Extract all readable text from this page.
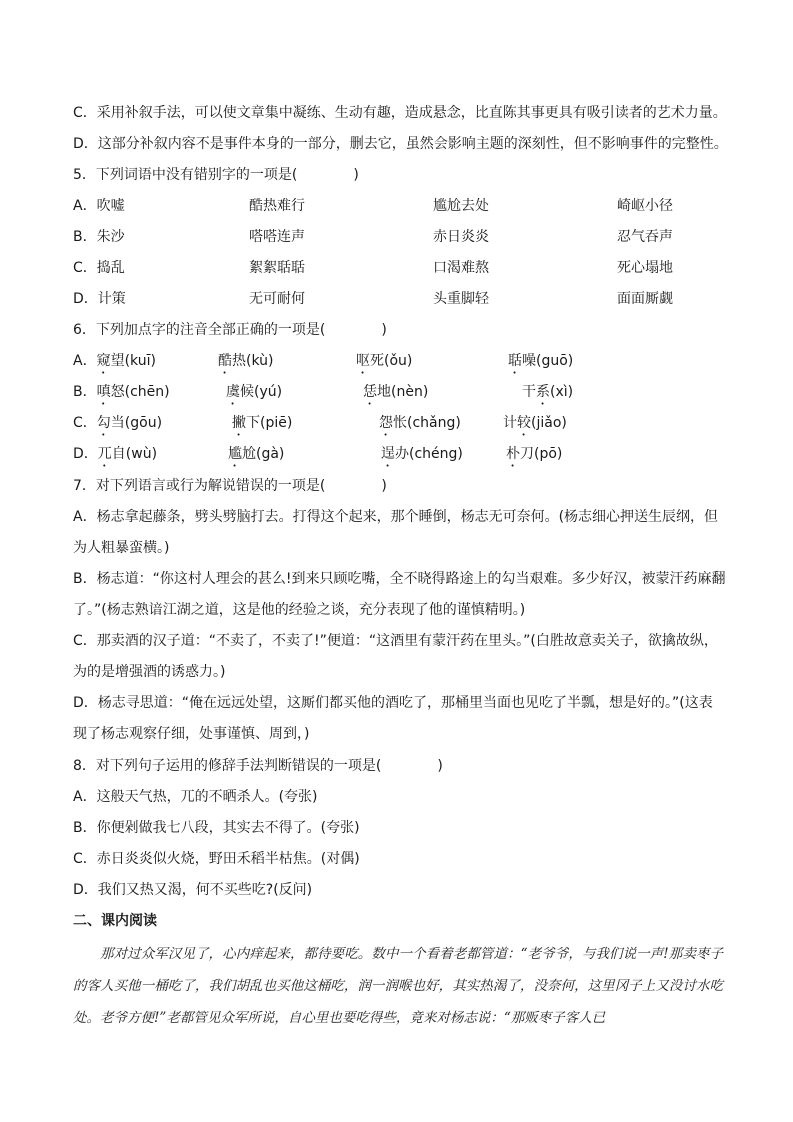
C．采用补叙手法，可以使文章集中凝练、生动有趣，造成悬念，比直陈其事更具有吸引读者的艺术力量。
D．这部分补叙内容不是事件本身的一部分，删去它，虽然会影响主题的深刻性，但不影响事件的完整性。
5．下列词语中没有错别字的一项是(　　　　)
A．吹嘘	酷热难行	尴尬去处	崎岖小径
B．朱沙	嗒嗒连声	赤日炎炎	忍气吞声
C．捣乱	絮絮聒聒	口渴难熬	死心塌地
D．计策	无可耐何	头重脚轻	面面厮觑
6．下列加点字的注音全部正确的一项是(　　　　)
A．窥望(kuī)	酷热(kù)	呕死(ǒu)	聒噪(guō)
B．嗔怒(chēn)	虞候(yú)	恁地(nèn)	干系(xì)
C．勾当(gōu)	撇下(piē)	怨怅(chǎng)	计较(jiǎo)
D．兀自(wù)	尴尬(gà)	逞办(chéng)	朴刀(pō)
7．对下列语言或行为解说错误的一项是(　　　　)
A．杨志拿起藤条，劈头劈脑打去。打得这个起来，那个睡倒，杨志无可奈何。(杨志细心押送生辰纲，但
为人粗暴蛮横。)
B．杨志道：“你这村人理会的甚么!到来只顾吃嘴，全不晓得路途上的勾当艰难。多少好汉，被蒙汗药麻翻
了。”(杨志熟谙江湖之道，这是他的经验之谈，充分表现了他的谨慎精明。)
C．那卖酒的汉子道：“不卖了，不卖了!”便道：“这酒里有蒙汗药在里头。”(白胜故意卖关子，欲擒故纵，
为的是增强酒的诱惑力。)
D．杨志寻思道：“俺在远远处望，这厮们都买他的酒吃了，那桶里当面也见吃了半瓢，想是好的。”(这表
现了杨志观察仔细，处事谨慎、周到，)
8．对下列句子运用的修辞手法判断错误的一项是(　　　　)
A．这般天气热，兀的不晒杀人。(夸张)
B．你便剁做我七八段，其实去不得了。(夸张)
C．赤日炎炎似火烧，野田禾稻半枯焦。(对偶)
D．我们又热又渴，何不买些吃?(反问)
二、课内阅读
那对过众军汉见了，心内痒起来，都待要吃。数中一个看着老都管道：“老爷爷，与我们说一声!那卖枣子的客人买他一桶吃了，我们胡乱也买他这桶吃，润一润喉也好，其实热渴了，没奈何，这里冈子上又没讨水吃处。老爷方便!”老都管见众军所说，自心里也要吃得些，竟来对杨志说：“那贩枣子客人已
